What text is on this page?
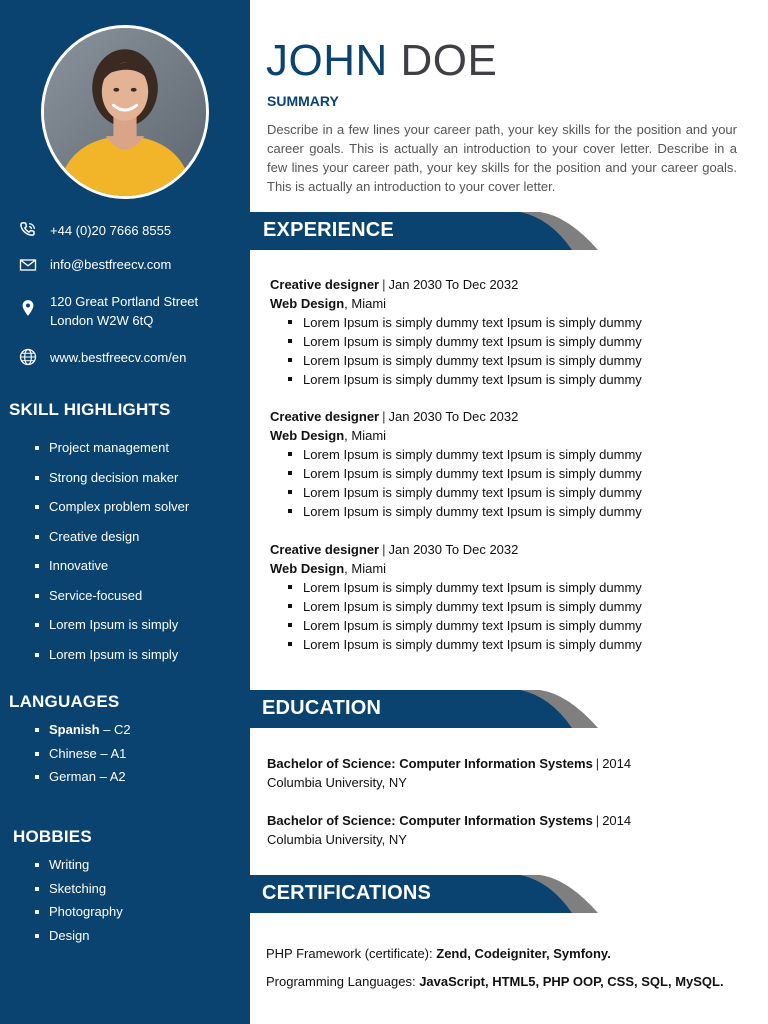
+44 (0)20 7666 8555
info@bestfreecv.com
120 Great Portland Street
London W2W 6tQ
www.bestfreecv.com/en
SKILL HIGHLIGHTS
Project management
Strong decision maker
Complex problem solver
Creative design
Innovative
Service-focused
Lorem Ipsum is simply
Lorem Ipsum is simply
LANGUAGES
Spanish – C2
Chinese – A1
German – A2
HOBBIES
Writing
Sketching
Photography
Design
JOHN DOE
SUMMARY

Describe in a few lines your career path, your key skills for the position and your career goals. This is actually an introduction to your cover letter. Describe in a few lines your career path, your key skills for the position and your career goals. This is actually an introduction to your cover letter.

EXPERIENCE
Creative designer | Jan 2030 To Dec 2032
Web Design, Miami
Lorem Ipsum is simply dummy text Ipsum is simply dummy
Lorem Ipsum is simply dummy text Ipsum is simply dummy
Lorem Ipsum is simply dummy text Ipsum is simply dummy
Lorem Ipsum is simply dummy text Ipsum is simply dummy
Creative designer | Jan 2030 To Dec 2032
Web Design, Miami
Lorem Ipsum is simply dummy text Ipsum is simply dummy
Lorem Ipsum is simply dummy text Ipsum is simply dummy
Lorem Ipsum is simply dummy text Ipsum is simply dummy
Lorem Ipsum is simply dummy text Ipsum is simply dummy
Creative designer | Jan 2030 To Dec 2032
Web Design, Miami
Lorem Ipsum is simply dummy text Ipsum is simply dummy
Lorem Ipsum is simply dummy text Ipsum is simply dummy
Lorem Ipsum is simply dummy text Ipsum is simply dummy
Lorem Ipsum is simply dummy text Ipsum is simply dummy
EDUCATION
Bachelor of Science: Computer Information Systems | 2014
Columbia University, NY
Bachelor of Science: Computer Information Systems | 2014
Columbia University, NY
CERTIFICATIONS
PHP Framework (certificate): Zend, Codeigniter, Symfony.
Programming Languages: JavaScript, HTML5, PHP OOP, CSS, SQL, MySQL.
